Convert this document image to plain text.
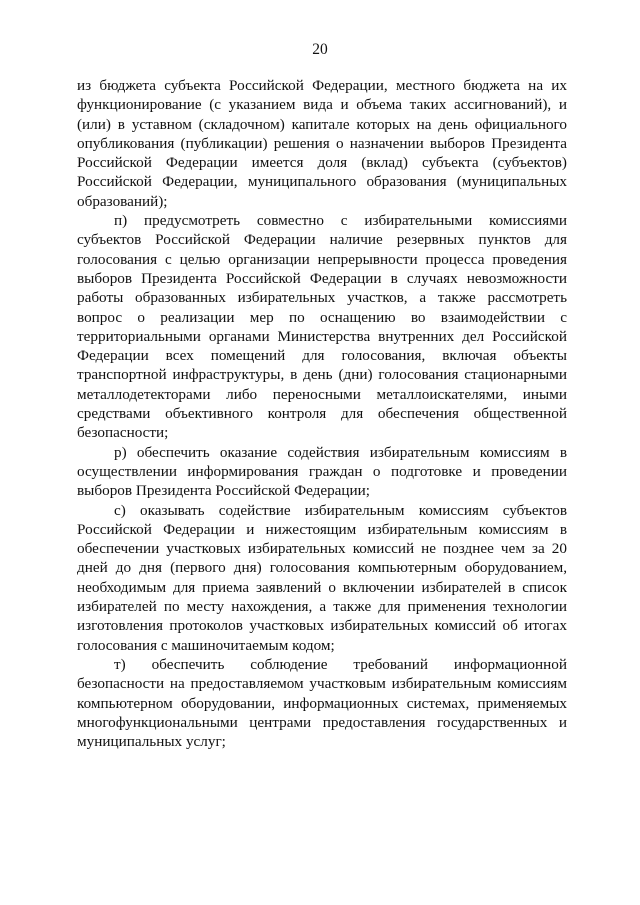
20

из бюджета субъекта Российской Федерации, местного бюджета на их функционирование (с указанием вида и объема таких ассигнований), и (или) в уставном (складочном) капитале которых на день официального опубликования (публикации) решения о назначении выборов Президента Российской Федерации имеется доля (вклад) субъекта (субъектов) Российской Федерации, муниципального образования (муниципальных образований);

п) предусмотреть совместно с избирательными комиссиями субъектов Российской Федерации наличие резервных пунктов для голосования с целью организации непрерывности процесса проведения выборов Президента Российской Федерации в случаях невозможности работы образованных избирательных участков, а также рассмотреть вопрос о реализации мер по оснащению во взаимодействии с территориальными органами Министерства внутренних дел Российской Федерации всех помещений для голосования, включая объекты транспортной инфраструктуры, в день (дни) голосования стационарными металлодетекторами либо переносными металлоискателями, иными средствами объективного контроля для обеспечения общественной безопасности;

р) обеспечить оказание содействия избирательным комиссиям в осуществлении информирования граждан о подготовке и проведении выборов Президента Российской Федерации;

с) оказывать содействие избирательным комиссиям субъектов Российской Федерации и нижестоящим избирательным комиссиям в обеспечении участковых избирательных комиссий не позднее чем за 20 дней до дня (первого дня) голосования компьютерным оборудованием, необходимым для приема заявлений о включении избирателей в список избирателей по месту нахождения, а также для применения технологии изготовления протоколов участковых избирательных комиссий об итогах голосования с машиночитаемым кодом;

т) обеспечить соблюдение требований информационной безопасности на предоставляемом участковым избирательным комиссиям компьютерном оборудовании, информационных системах, применяемых многофункциональными центрами предоставления государственных и муниципальных услуг;
